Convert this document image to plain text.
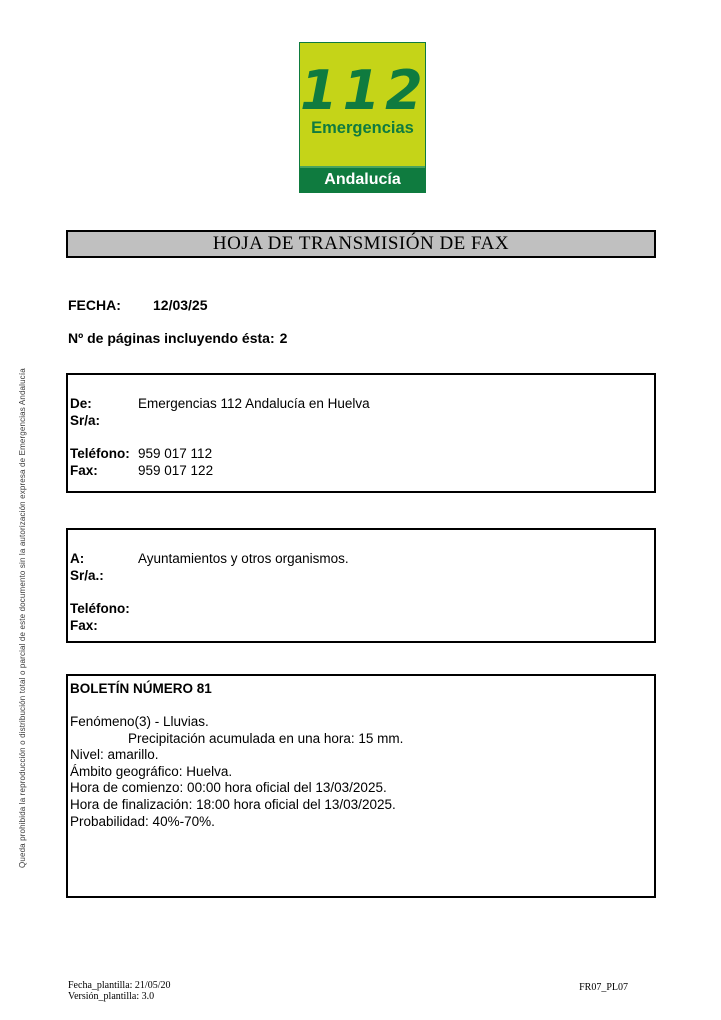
112
Emergencias
Andalucía
HOJA DE TRANSMISIÓN DE FAX
FECHA:	12/03/25
Nº de páginas incluyendo ésta: 2
De:	Emergencias 112 Andalucía en Huelva
Sr/a:
Teléfono: 959 017 112
Fax:	959 017 122
A:	Ayuntamientos y otros organismos.
Sr/a.:
Teléfono:
Fax:
BOLETÍN NÚMERO 81
Fenómeno(3) - Lluvias.
Precipitación acumulada en una hora: 15 mm.
Nivel: amarillo.
Ámbito geográfico: Huelva.
Hora de comienzo: 00:00 hora oficial del 13/03/2025.
Hora de finalización: 18:00 hora oficial del 13/03/2025.
Probabilidad: 40%-70%.
Queda prohibida la reproducción o distribución total o parcial de este documento sin la autorización expresa de Emergencias Andalucía
Fecha_plantilla: 21/05/20
Versión_plantilla: 3.0
FR07_PL07
